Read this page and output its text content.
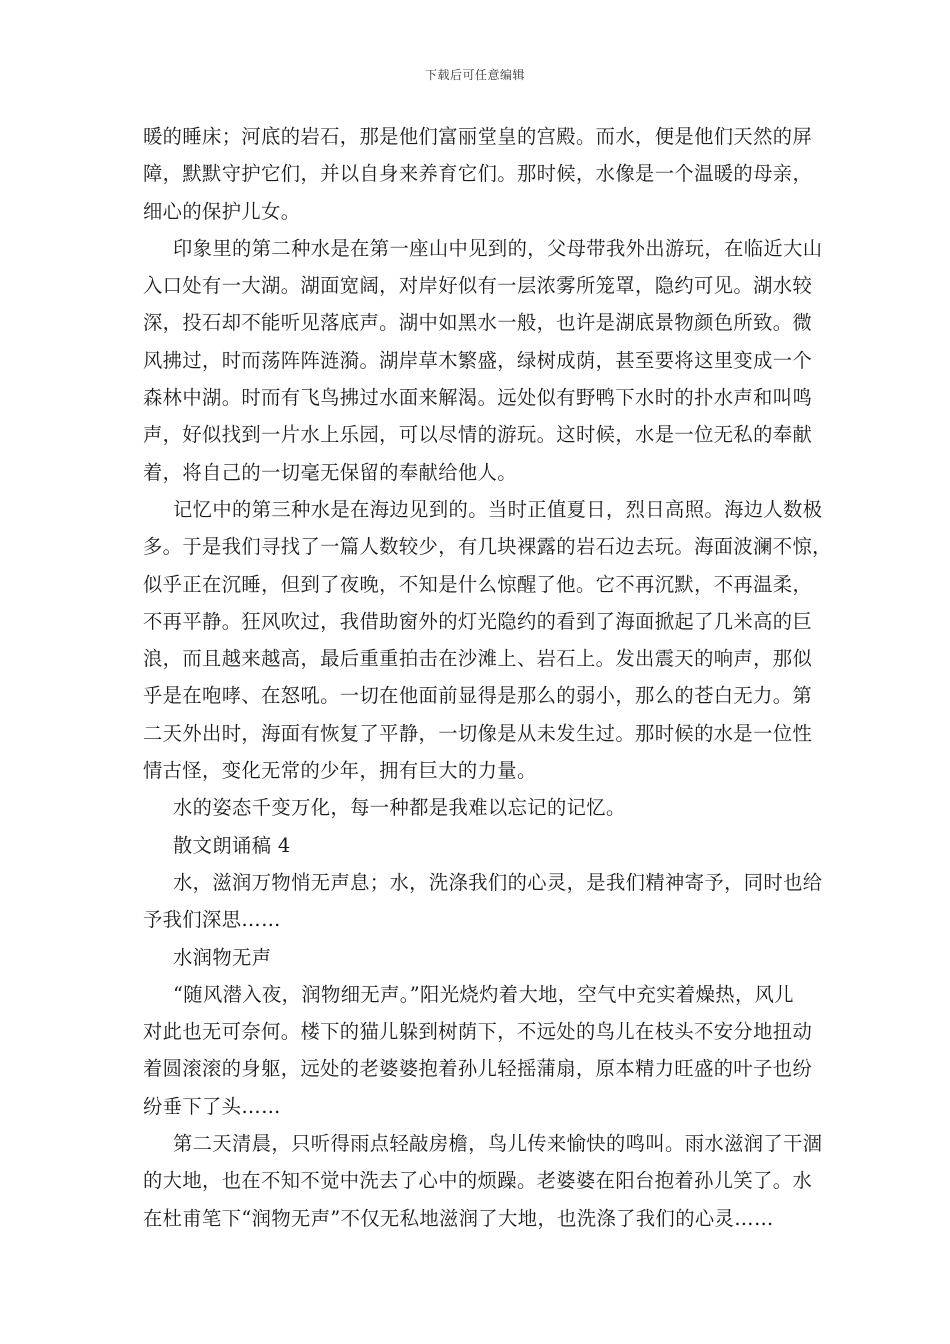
下载后可任意编辑
暖的睡床；河底的岩石，那是他们富丽堂皇的宫殿。而水，便是他们天然的屏
障，默默守护它们，并以自身来养育它们。那时候，水像是一个温暖的母亲，
细心的保护儿女。
印象里的第二种水是在第一座山中见到的，父母带我外出游玩，在临近大山
入口处有一大湖。湖面宽阔，对岸好似有一层浓雾所笼罩，隐约可见。湖水较
深，投石却不能听见落底声。湖中如黑水一般，也许是湖底景物颜色所致。微
风拂过，时而荡阵阵涟漪。湖岸草木繁盛，绿树成荫，甚至要将这里变成一个
森林中湖。时而有飞鸟拂过水面来解渴。远处似有野鸭下水时的扑水声和叫鸣
声，好似找到一片水上乐园，可以尽情的游玩。这时候，水是一位无私的奉献
着，将自己的一切毫无保留的奉献给他人。
记忆中的第三种水是在海边见到的。当时正值夏日，烈日高照。海边人数极
多。于是我们寻找了一篇人数较少，有几块裸露的岩石边去玩。海面波澜不惊，
似乎正在沉睡，但到了夜晚，不知是什么惊醒了他。它不再沉默，不再温柔，
不再平静。狂风吹过，我借助窗外的灯光隐约的看到了海面掀起了几米高的巨
浪，而且越来越高，最后重重拍击在沙滩上、岩石上。发出震天的响声，那似
乎是在咆哮、在怒吼。一切在他面前显得是那么的弱小，那么的苍白无力。第
二天外出时，海面有恢复了平静，一切像是从未发生过。那时候的水是一位性
情古怪，变化无常的少年，拥有巨大的力量。
水的姿态千变万化，每一种都是我难以忘记的记忆。
散文朗诵稿 4
水，滋润万物悄无声息；水，洗涤我们的心灵，是我们精神寄予，同时也给
予我们深思……
水润物无声
“随风潜入夜，润物细无声。”阳光烧灼着大地，空气中充实着燥热，风儿
对此也无可奈何。楼下的猫儿躲到树荫下，不远处的鸟儿在枝头不安分地扭动
着圆滚滚的身躯，远处的老婆婆抱着孙儿轻摇蒲扇，原本精力旺盛的叶子也纷
纷垂下了头……
第二天清晨，只听得雨点轻敲房檐，鸟儿传来愉快的鸣叫。雨水滋润了干涸
的大地，也在不知不觉中洗去了心中的烦躁。老婆婆在阳台抱着孙儿笑了。水
在杜甫笔下“润物无声”不仅无私地滋润了大地，也洗涤了我们的心灵……
